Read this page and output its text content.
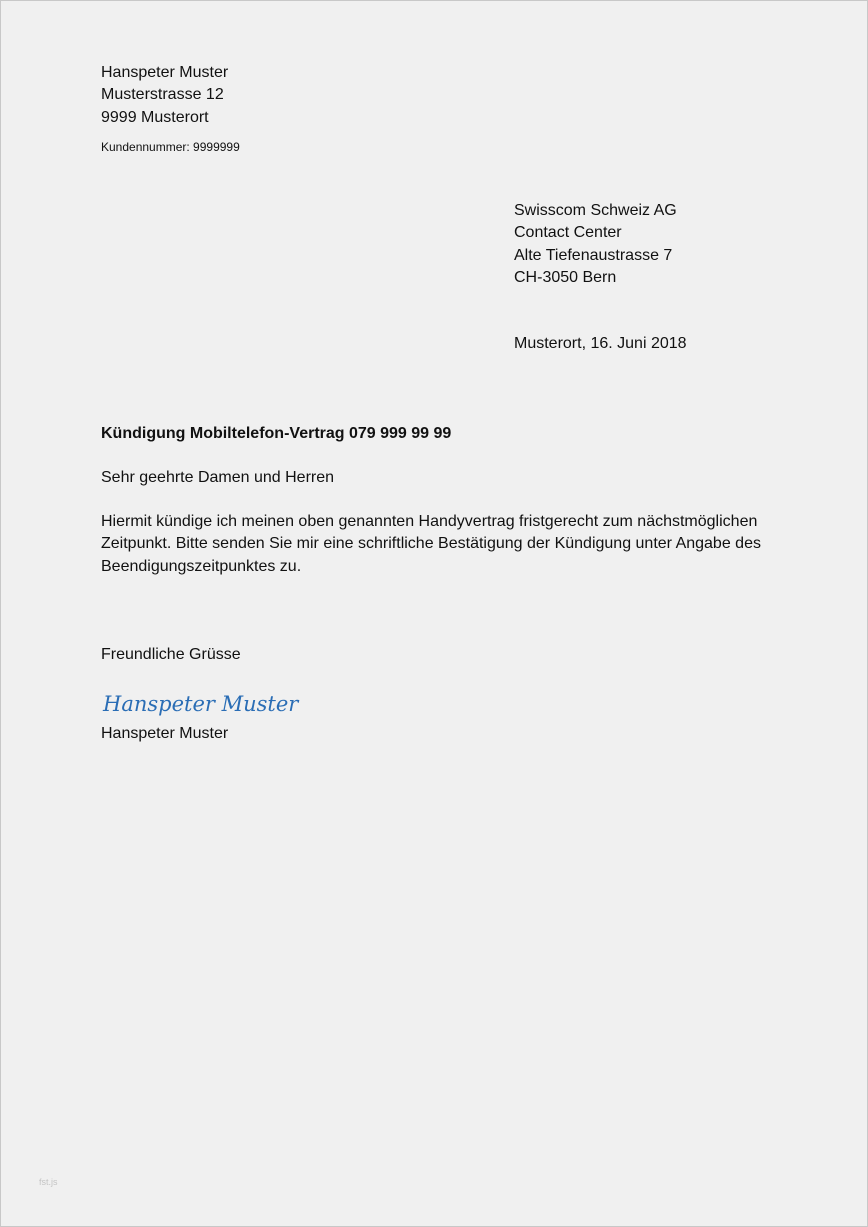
Hanspeter Muster
Musterstrasse 12
9999 Musterort
Kundennummer: 9999999
Swisscom Schweiz AG
Contact Center
Alte Tiefenaustrasse 7
CH-3050 Bern
Musterort, 16. Juni 2018
Kündigung Mobiltelefon-Vertrag 079 999 99 99
Sehr geehrte Damen und Herren
Hiermit kündige ich meinen oben genannten Handyvertrag fristgerecht zum nächstmöglichen
Zeitpunkt. Bitte senden Sie mir eine schriftliche Bestätigung der Kündigung unter Angabe des
Beendigungszeitpunktes zu.
Freundliche Grüsse
Hanspeter Muster
Hanspeter Muster
fst.js
